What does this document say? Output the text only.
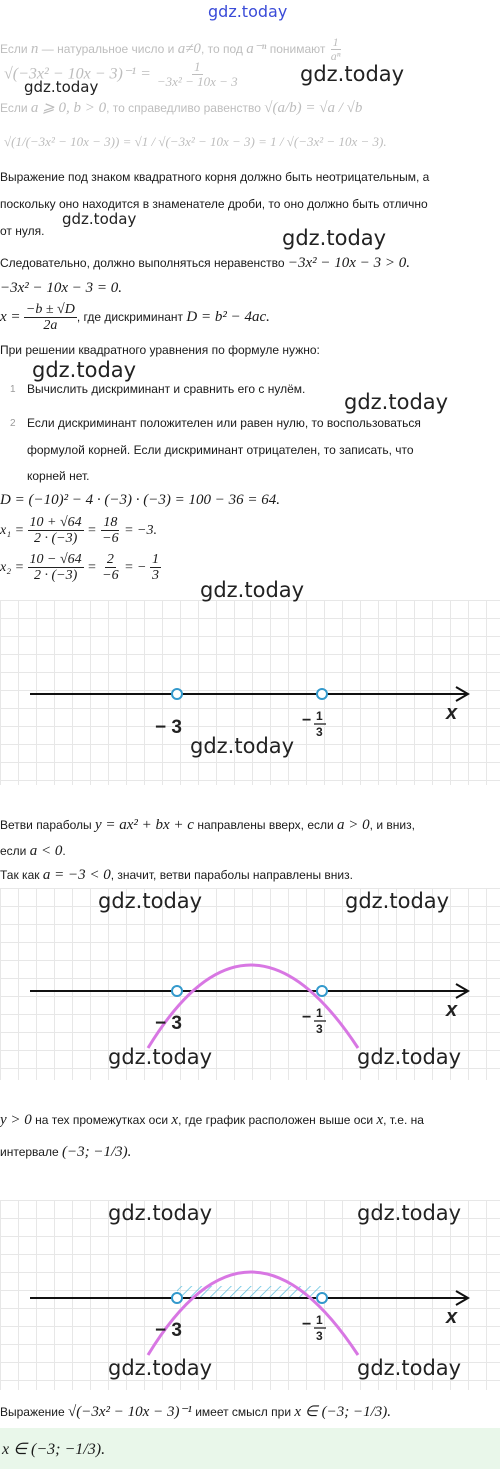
gdz.today
Если n — натуральное число и a≠0, то под a⁻ⁿ понимают $\frac{1}{\text{aⁿ}}$
$√(-3x^2 - 10x - 3)^{-1} = \frac{1}{\text{−3x² − 10x − 3}}$
Если a ⩾ 0, b > 0, то справедливо равенство √(a/b) = √a / √b
√(1/(−3x² − 10x − 3)) = √1 / √(−3x² − 10x − 3) = 1 / √(−3x² − 10x − 3).
Выражение под знаком квадратного корня должно быть неотрицательным, а
поскольку оно находится в знаменателе дроби, то оно должно быть отлично
от нуля.
Следовательно, должно выполняться неравенство −3x² − 10x − 3 > 0.
−3x² − 10x − 3 = 0.
$x = \frac{-b \pm √D}{2a}$ , где дискриминант D = b² − 4ac.
При решении квадратного уравнения по формуле нужно:
1 Вычислить дискриминант и сравнить его с нулём.
2 Если дискриминант положителен или равен нулю, то воспользоваться
формулой корней. Если дискриминант отрицателен, то записать, что
корней нет.
D = (−10)² − 4 · (−3) · (−3) = 100 − 36 = 64.
$x_1 = \frac{10 + √64}{2 \cdot (-3)} = \frac{18}{-6} = -3$.
$x_2 = \frac{10 - √64}{2 \cdot (-3)} = \frac{2}{-6}$ = − $\frac{1}{3}$
− 3	− 1
3
x
Ветви параболы y = ax² + bx + c направлены вверх, если a > 0, и вниз,
если a < 0.
Так как a = −3 < 0, значит, ветви параболы направлены вниз.
− 3	− 1
3
x
y > 0 на тех промежутках оси x, где график расположен выше оси x, т.е. на
интервале (−3; −1/3).
− 3	− 1
3
x
Выражение √(−3x² − 10x − 3)⁻¹ имеет смысл при x ∈ (−3; −1/3).
x ∈ (−3; −1/3).
gdz.today
gdz.today
gdz.today
gdz.today
gdz.today
gdz.today
gdz.today
gdz.today
gdz.today	gdz.today
gdz.today	gdz.today
gdz.today	gdz.today
gdz.today	gdz.today
